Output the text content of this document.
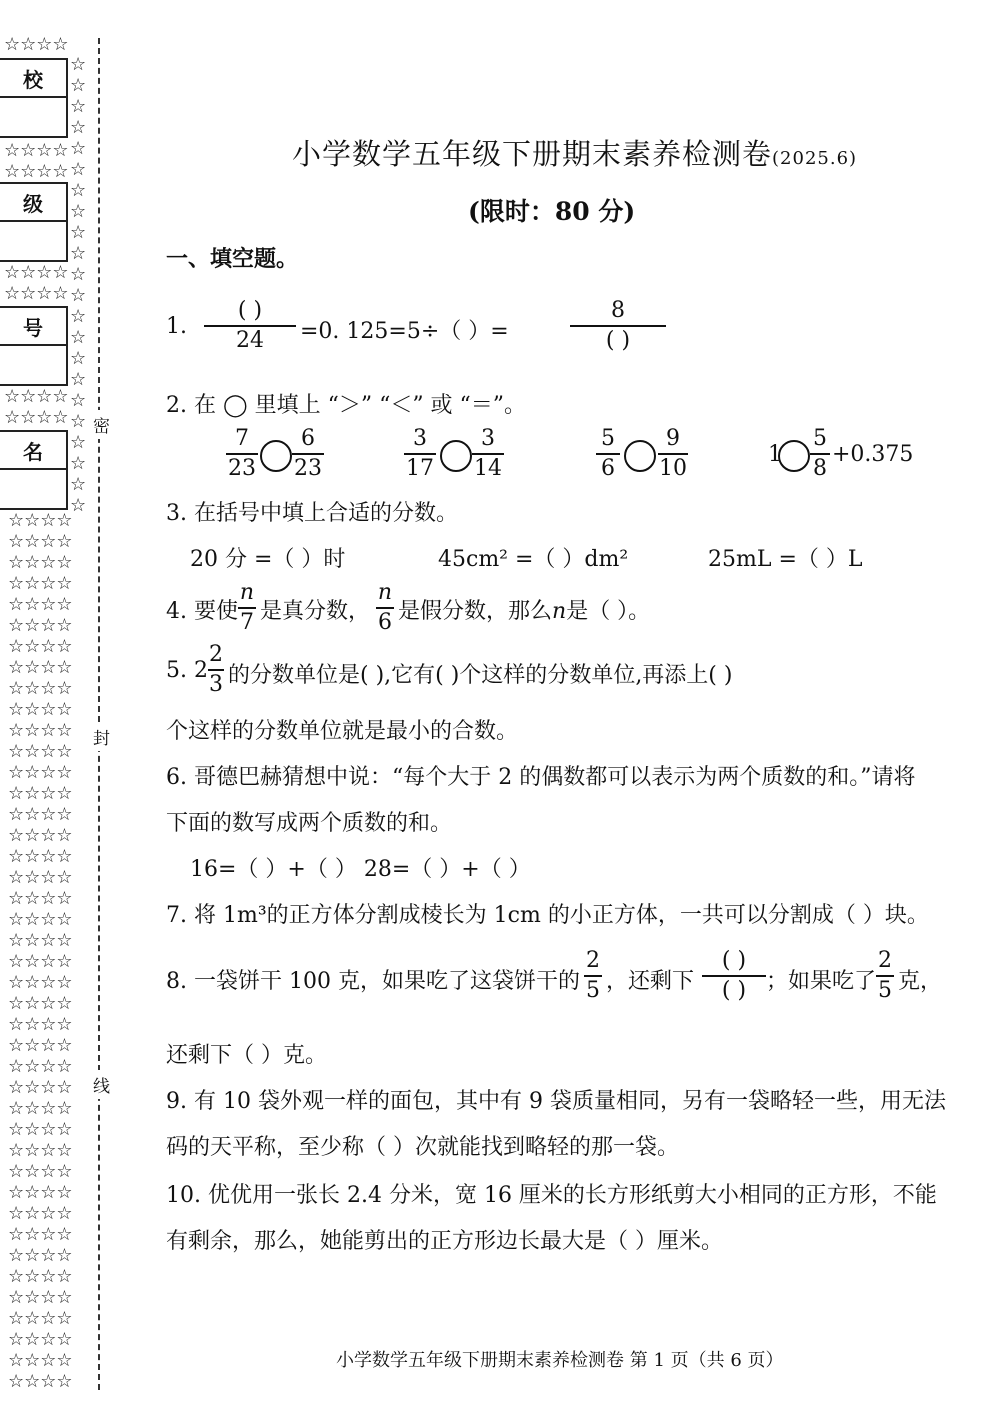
☆☆☆☆
☆
☆
☆
☆
☆
☆
☆
☆
☆
☆
☆
☆
☆
☆
☆
☆
☆
☆
☆
☆
☆
☆
☆☆☆☆
☆☆☆☆
☆☆☆☆
☆☆☆☆
☆☆☆☆
☆☆☆☆
☆☆☆☆
☆☆☆☆
☆☆☆☆
☆☆☆☆
☆☆☆☆
☆☆☆☆
☆☆☆☆
☆☆☆☆
☆☆☆☆
☆☆☆☆
☆☆☆☆
☆☆☆☆
☆☆☆☆
☆☆☆☆
☆☆☆☆
☆☆☆☆
☆☆☆☆
☆☆☆☆
☆☆☆☆
☆☆☆☆
☆☆☆☆
☆☆☆☆
☆☆☆☆
☆☆☆☆
☆☆☆☆
☆☆☆☆
☆☆☆☆
☆☆☆☆
☆☆☆☆
☆☆☆☆
☆☆☆☆
☆☆☆☆
☆☆☆☆
☆☆☆☆
☆☆☆☆
☆☆☆☆
☆☆☆☆
☆☆☆☆
☆☆☆☆
☆☆☆☆
☆☆☆☆
☆☆☆☆
校
级
号
名
密
封
线
小学数学五年级下册期末素养检测卷(2025.6)
(限时：80 分)
一、填空题。
1.
( )
24	=0. 125=5÷（ ）=
8
( )
2. 在 ◯ 里填上 “＞” “＜” 或 “＝”。
7
23
6
23
3
17
3
14
5
6
9
10
1
5
8
+0.375
3. 在括号中填上合适的分数。
20 分 =（ ）时	45cm² =（ ）dm²	25mL =（ ）L
4. 要使
n
7 是真分数，
n
6 是假分数，那么n是（ ）。
5. 2
2
3 的分数单位是( ),它有( )个这样的分数单位,再添上( )
个这样的分数单位就是最小的合数。
6. 哥德巴赫猜想中说：“每个大于 2 的偶数都可以表示为两个质数的和。”请将
下面的数写成两个质数的和。
16=（ ）+（ ） 28=（ ）+（ ）
7. 将 1m³的正方体分割成棱长为 1cm 的小正方体，一共可以分割成（ ）块。
8. 一袋饼干 100 克，如果吃了这袋饼干的
2
5 ，还剩下
( )
( ) ；如果吃了
2
5 克，
还剩下（ ）克。
9. 有 10 袋外观一样的面包，其中有 9 袋质量相同，另有一袋略轻一些，用无法
码的天平称，至少称（ ）次就能找到略轻的那一袋。
10. 优优用一张长 2.4 分米，宽 16 厘米的长方形纸剪大小相同的正方形，不能
有剩余，那么，她能剪出的正方形边长最大是（ ）厘米。
小学数学五年级下册期末素养检测卷 第 1 页（共 6 页）
